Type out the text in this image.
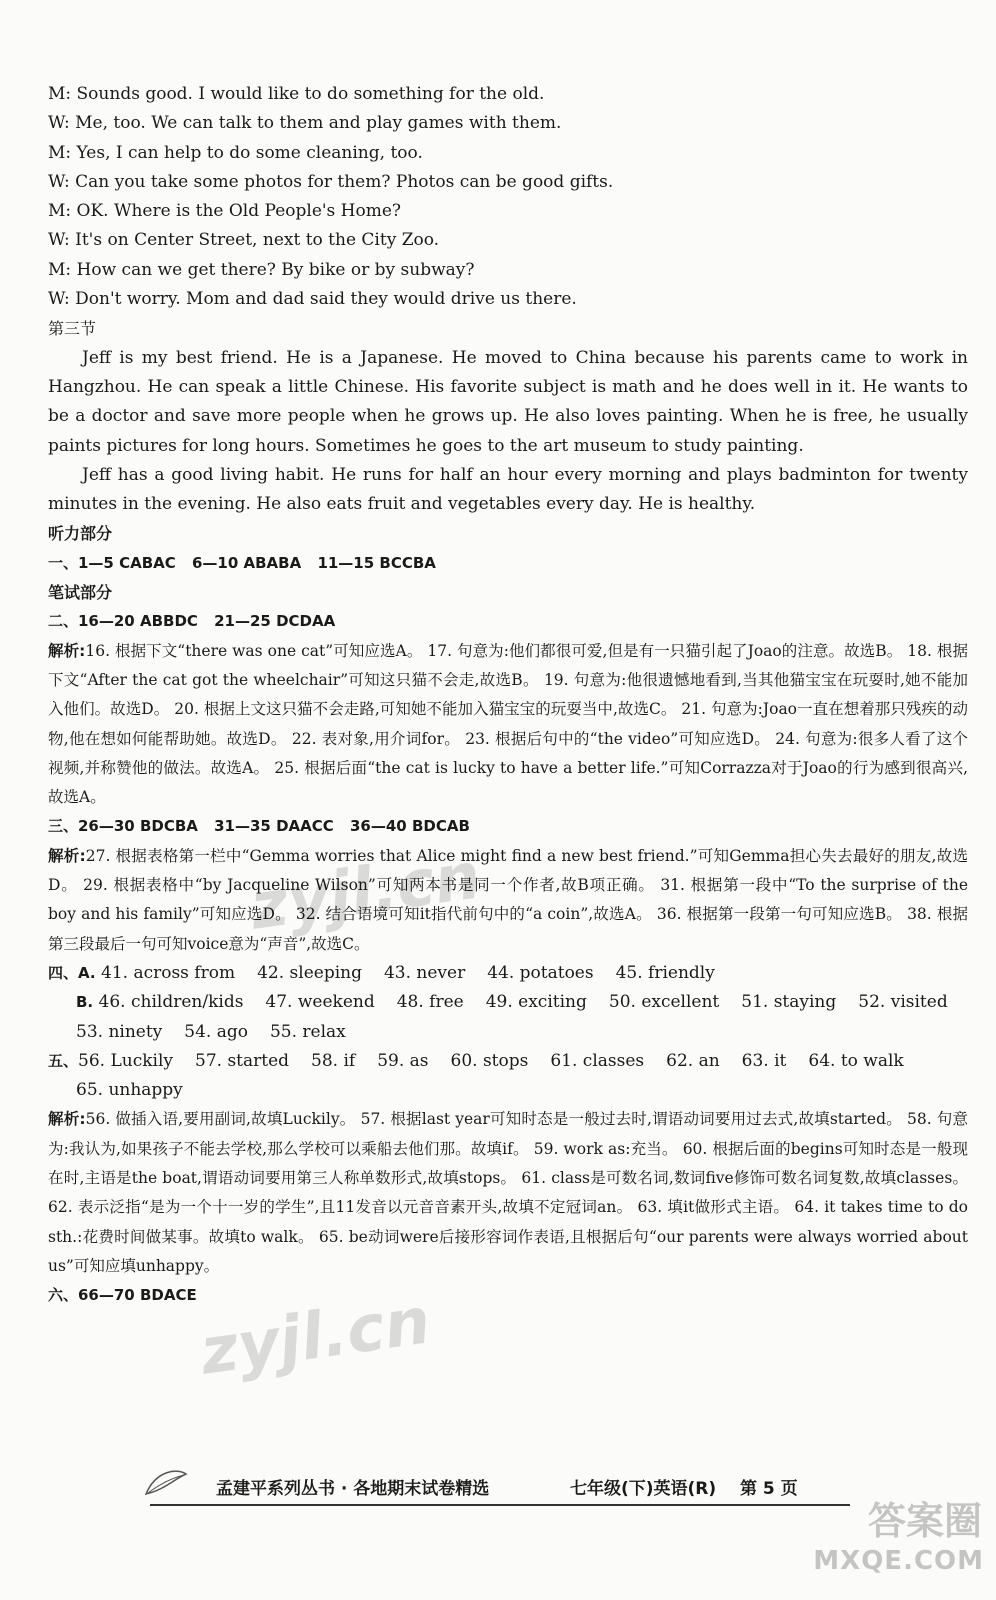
M: Sounds good. I would like to do something for the old.

W: Me, too. We can talk to them and play games with them.

M: Yes, I can help to do some cleaning, too.

W: Can you take some photos for them? Photos can be good gifts.

M: OK. Where is the Old People's Home?

W: It's on Center Street, next to the City Zoo.

M: How can we get there? By bike or by subway?

W: Don't worry. Mom and dad said they would drive us there.

第三节

Jeff is my best friend. He is a Japanese. He moved to China because his parents came to work in Hangzhou. He can speak a little Chinese. His favorite subject is math and he does well in it. He wants to be a doctor and save more people when he grows up. He also loves painting. When he is free, he usually paints pictures for long hours. Sometimes he goes to the art museum to study painting.

Jeff has a good living habit. He runs for half an hour every morning and plays badminton for twenty minutes in the evening. He also eats fruit and vegetables every day. He is healthy.

听力部分

一、1—5 CABAC 6—10 ABABA 11—15 BCCBA

笔试部分

二、16—20 ABBDC 21—25 DCDAA

解析:16. 根据下文“there was one cat”可知应选A。 17. 句意为:他们都很可爱,但是有一只猫引起了Joao的注意。故选B。 18. 根据下文“After the cat got the wheelchair”可知这只猫不会走,故选B。 19. 句意为:他很遗憾地看到,当其他猫宝宝在玩耍时,她不能加入他们。故选D。 20. 根据上文这只猫不会走路,可知她不能加入猫宝宝的玩耍当中,故选C。 21. 句意为:Joao一直在想着那只残疾的动物,他在想如何能帮助她。故选D。 22. 表对象,用介词for。 23. 根据后句中的“the video”可知应选D。 24. 句意为:很多人看了这个视频,并称赞他的做法。故选A。 25. 根据后面“the cat is lucky to have a better life.”可知Corrazza对于Joao的行为感到很高兴,故选A。

三、26—30 BDCBA 31—35 DAACC 36—40 BDCAB

解析:27. 根据表格第一栏中“Gemma worries that Alice might find a new best friend.”可知Gemma担心失去最好的朋友,故选D。 29. 根据表格中“by Jacqueline Wilson”可知两本书是同一个作者,故B项正确。 31. 根据第一段中“To the surprise of the boy and his family”可知应选D。 32. 结合语境可知it指代前句中的“a coin”,故选A。 36. 根据第一段第一句可知应选B。 38. 根据第三段最后一句可知voice意为“声音”,故选C。

四、A. 41. across from 42. sleeping 43. never 44. potatoes 45. friendly

B. 46. children/kids 47. weekend 48. free 49. exciting 50. excellent 51. staying 52. visited

53. ninety 54. ago 55. relax

五、56. Luckily 57. started 58. if 59. as 60. stops 61. classes 62. an 63. it 64. to walk

65. unhappy

解析:56. 做插入语,要用副词,故填Luckily。 57. 根据last year可知时态是一般过去时,谓语动词要用过去式,故填started。 58. 句意为:我认为,如果孩子不能去学校,那么学校可以乘船去他们那。故填if。 59. work as:充当。 60. 根据后面的begins可知时态是一般现在时,主语是the boat,谓语动词要用第三人称单数形式,故填stops。 61. class是可数名词,数词five修饰可数名词复数,故填classes。 62. 表示泛指“是为一个十一岁的学生”,且11发音以元音音素开头,故填不定冠词an。 63. 填it做形式主语。 64. it takes time to do sth.:花费时间做某事。故填to walk。 65. be动词were后接形容词作表语,且根据后句“our parents were always worried about us”可知应填unhappy。

六、66—70 BDACE

zyjl.cn
zyjl.cn
孟建平系列丛书 · 各地期末试卷精选	七年级(下)英语(R) 第 5 页
答案圈
MXQE.COM
